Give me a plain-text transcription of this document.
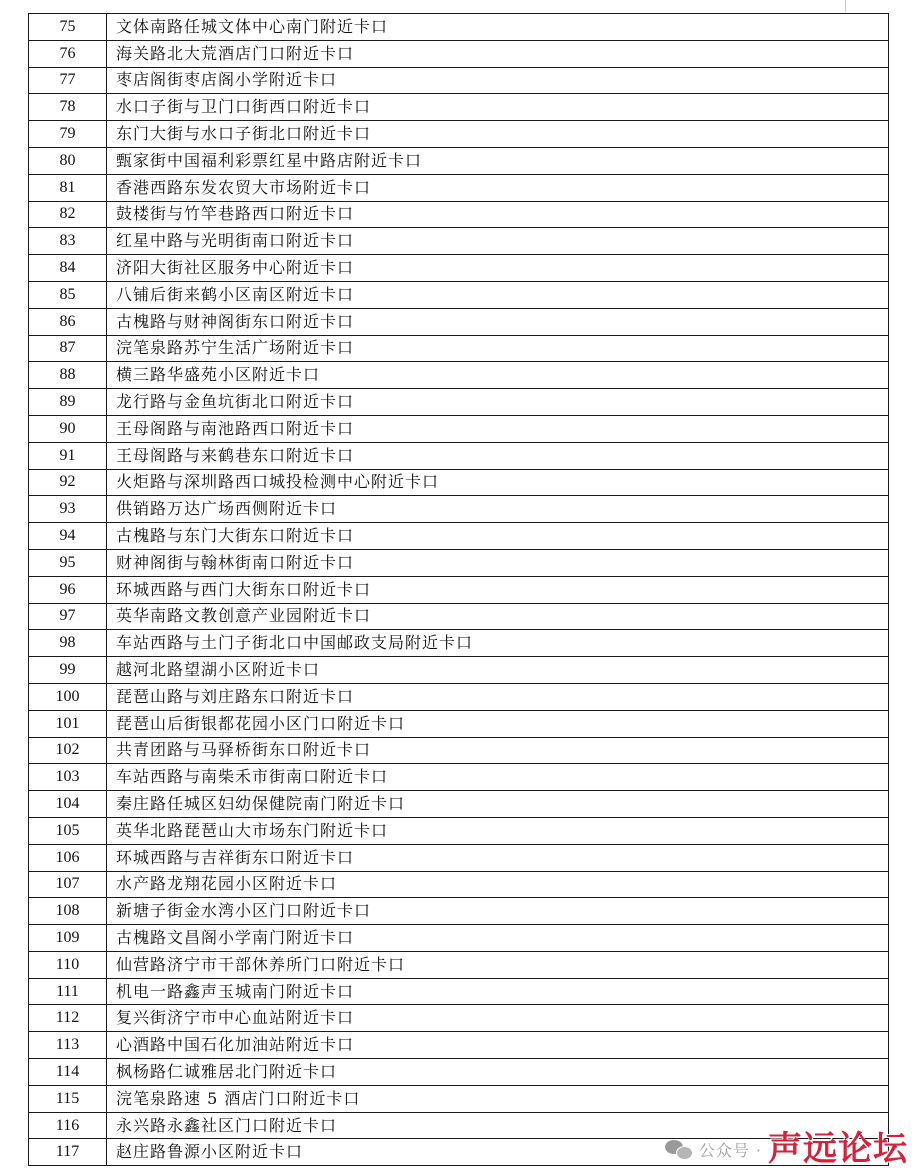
75	文体南路任城文体中心南门附近卡口
76	海关路北大荒酒店门口附近卡口
77	枣店阁街枣店阁小学附近卡口
78	水口子街与卫门口街西口附近卡口
79	东门大街与水口子街北口附近卡口
80	甄家街中国福利彩票红星中路店附近卡口
81	香港西路东发农贸大市场附近卡口
82	鼓楼街与竹竿巷路西口附近卡口
83	红星中路与光明街南口附近卡口
84	济阳大街社区服务中心附近卡口
85	八铺后街来鹤小区南区附近卡口
86	古槐路与财神阁街东口附近卡口
87	浣笔泉路苏宁生活广场附近卡口
88	横三路华盛苑小区附近卡口
89	龙行路与金鱼坑街北口附近卡口
90	王母阁路与南池路西口附近卡口
91	王母阁路与来鹤巷东口附近卡口
92	火炬路与深圳路西口城投检测中心附近卡口
93	供销路万达广场西侧附近卡口
94	古槐路与东门大街东口附近卡口
95	财神阁街与翰林街南口附近卡口
96	环城西路与西门大街东口附近卡口
97	英华南路文教创意产业园附近卡口
98	车站西路与土门子街北口中国邮政支局附近卡口
99	越河北路望湖小区附近卡口
100	琵琶山路与刘庄路东口附近卡口
101	琵琶山后街银都花园小区门口附近卡口
102	共青团路与马驿桥街东口附近卡口
103	车站西路与南柴禾市街南口附近卡口
104	秦庄路任城区妇幼保健院南门附近卡口
105	英华北路琵琶山大市场东门附近卡口
106	环城西路与吉祥街东口附近卡口
107	水产路龙翔花园小区附近卡口
108	新塘子街金水湾小区门口附近卡口
109	古槐路文昌阁小学南门附近卡口
110	仙营路济宁市干部休养所门口附近卡口
111	机电一路鑫声玉城南门附近卡口
112	复兴街济宁市中心血站附近卡口
113	心酒路中国石化加油站附近卡口
114	枫杨路仁诚雅居北门附近卡口
115	浣笔泉路速 5 酒店门口附近卡口
116	永兴路永鑫社区门口附近卡口
117	赵庄路鲁源小区附近卡口	公众号 · 声远论坛
